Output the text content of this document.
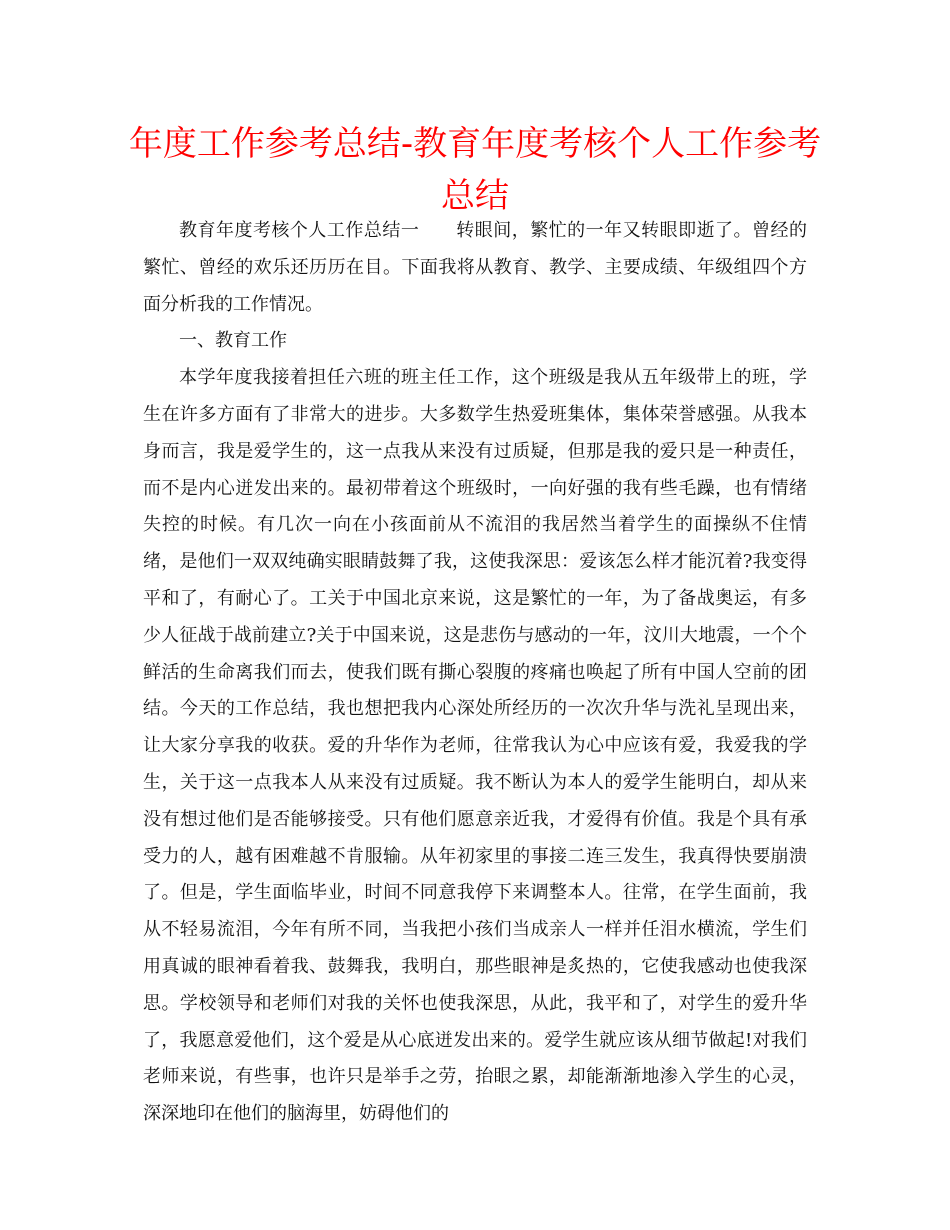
年度工作参考总结-教育年度考核个人工作参考总结

教育年度考核个人工作总结一　　转眼间，繁忙的一年又转眼即逝了。曾经的繁忙、曾经的欢乐还历历在目。下面我将从教育、教学、主要成绩、年级组四个方面分析我的工作情况。

一、教育工作

本学年度我接着担任六班的班主任工作，这个班级是我从五年级带上的班，学生在许多方面有了非常大的进步。大多数学生热爱班集体，集体荣誉感强。从我本身而言，我是爱学生的，这一点我从来没有过质疑，但那是我的爱只是一种责任，而不是内心迸发出来的。最初带着这个班级时，一向好强的我有些毛躁，也有情绪失控的时候。有几次一向在小孩面前从不流泪的我居然当着学生的面操纵不住情绪，是他们一双双纯确实眼睛鼓舞了我，这使我深思：爱该怎么样才能沉着?我变得平和了，有耐心了。工关于中国北京来说，这是繁忙的一年，为了备战奥运，有多少人征战于战前建立?关于中国来说，这是悲伤与感动的一年，汶川大地震，一个个鲜活的生命离我们而去，使我们既有撕心裂腹的疼痛也唤起了所有中国人空前的团结。今天的工作总结，我也想把我内心深处所经历的一次次升华与洗礼呈现出来，让大家分享我的收获。爱的升华作为老师，往常我认为心中应该有爱，我爱我的学生，关于这一点我本人从来没有过质疑。我不断认为本人的爱学生能明白，却从来没有想过他们是否能够接受。只有他们愿意亲近我，才爱得有价值。我是个具有承受力的人，越有困难越不肯服输。从年初家里的事接二连三发生，我真得快要崩溃了。但是，学生面临毕业，时间不同意我停下来调整本人。往常，在学生面前，我从不轻易流泪，今年有所不同，当我把小孩们当成亲人一样并任泪水横流，学生们用真诚的眼神看着我、鼓舞我，我明白，那些眼神是炙热的，它使我感动也使我深思。学校领导和老师们对我的关怀也使我深思，从此，我平和了，对学生的爱升华了，我愿意爱他们，这个爱是从心底迸发出来的。爱学生就应该从细节做起!对我们老师来说，有些事，也许只是举手之劳，抬眼之累，却能渐渐地渗入学生的心灵，深深地印在他们的脑海里，妨碍他们的
